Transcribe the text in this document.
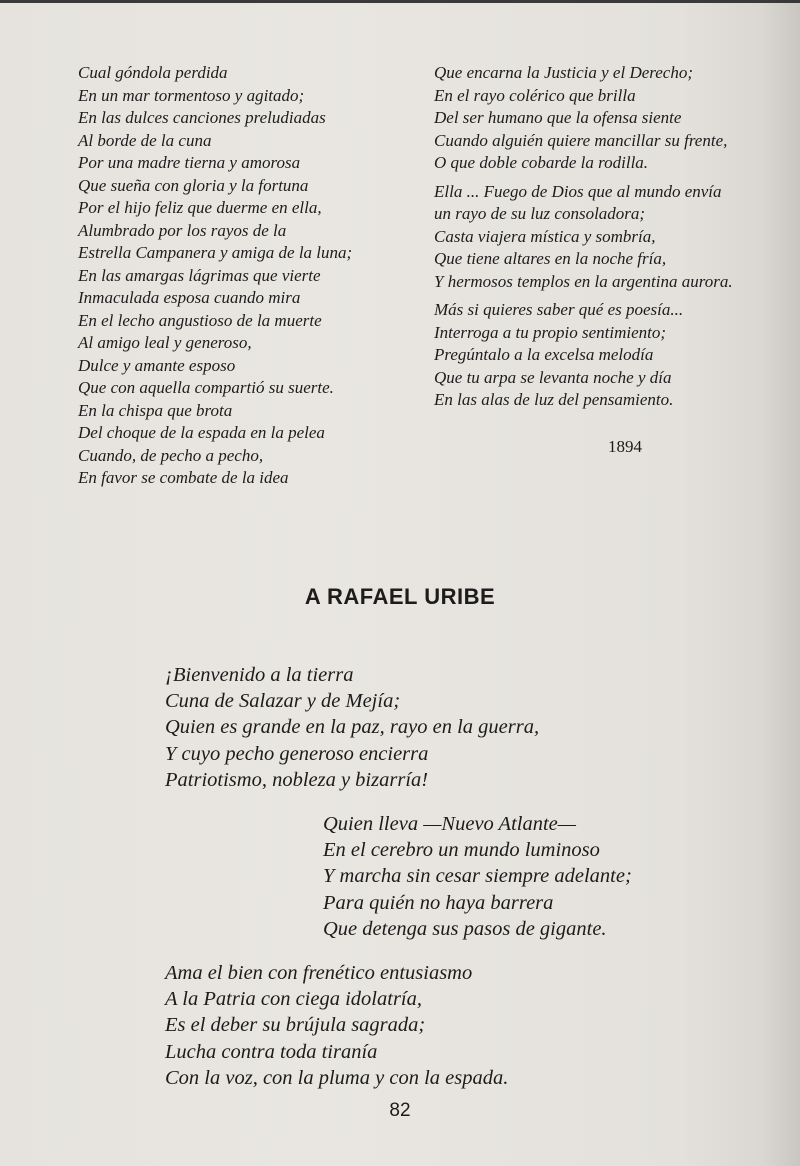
Cual góndola perdida
En un mar tormentoso y agitado;
En las dulces canciones preludiadas
Al borde de la cuna
Por una madre tierna y amorosa
Que sueña con gloria y la fortuna
Por el hijo feliz que duerme en ella,
Alumbrado por los rayos de la
Estrella Campanera y amiga de la luna;
En las amargas lágrimas que vierte
Inmaculada esposa cuando mira
En el lecho angustioso de la muerte
Al amigo leal y generoso,
Dulce y amante esposo
Que con aquella compartió su suerte.
En la chispa que brota
Del choque de la espada en la pelea
Cuando, de pecho a pecho,
En favor se combate de la idea
Que encarna la Justicia y el Derecho;
En el rayo colérico que brilla
Del ser humano que la ofensa siente
Cuando alguién quiere mancillar su frente,
O que doble cobarde la rodilla.
Ella ... Fuego de Dios que al mundo envía
un rayo de su luz consoladora;
Casta viajera mística y sombría,
Que tiene altares en la noche fría,
Y hermosos templos en la argentina aurora.
Más si quieres saber qué es poesía...
Interroga a tu propio sentimiento;
Pregúntalo a la excelsa melodía
Que tu arpa se levanta noche y día
En las alas de luz del pensamiento.
1894
A RAFAEL URIBE
¡Bienvenido a la tierra
Cuna de Salazar y de Mejía;
Quien es grande en la paz, rayo en la guerra,
Y cuyo pecho generoso encierra
Patriotismo, nobleza y bizarría!
Quien lleva —Nuevo Atlante—
En el cerebro un mundo luminoso
Y marcha sin cesar siempre adelante;
Para quién no haya barrera
Que detenga sus pasos de gigante.
Ama el bien con frenético entusiasmo
A la Patria con ciega idolatría,
Es el deber su brújula sagrada;
Lucha contra toda tiranía
Con la voz, con la pluma y con la espada.
82
